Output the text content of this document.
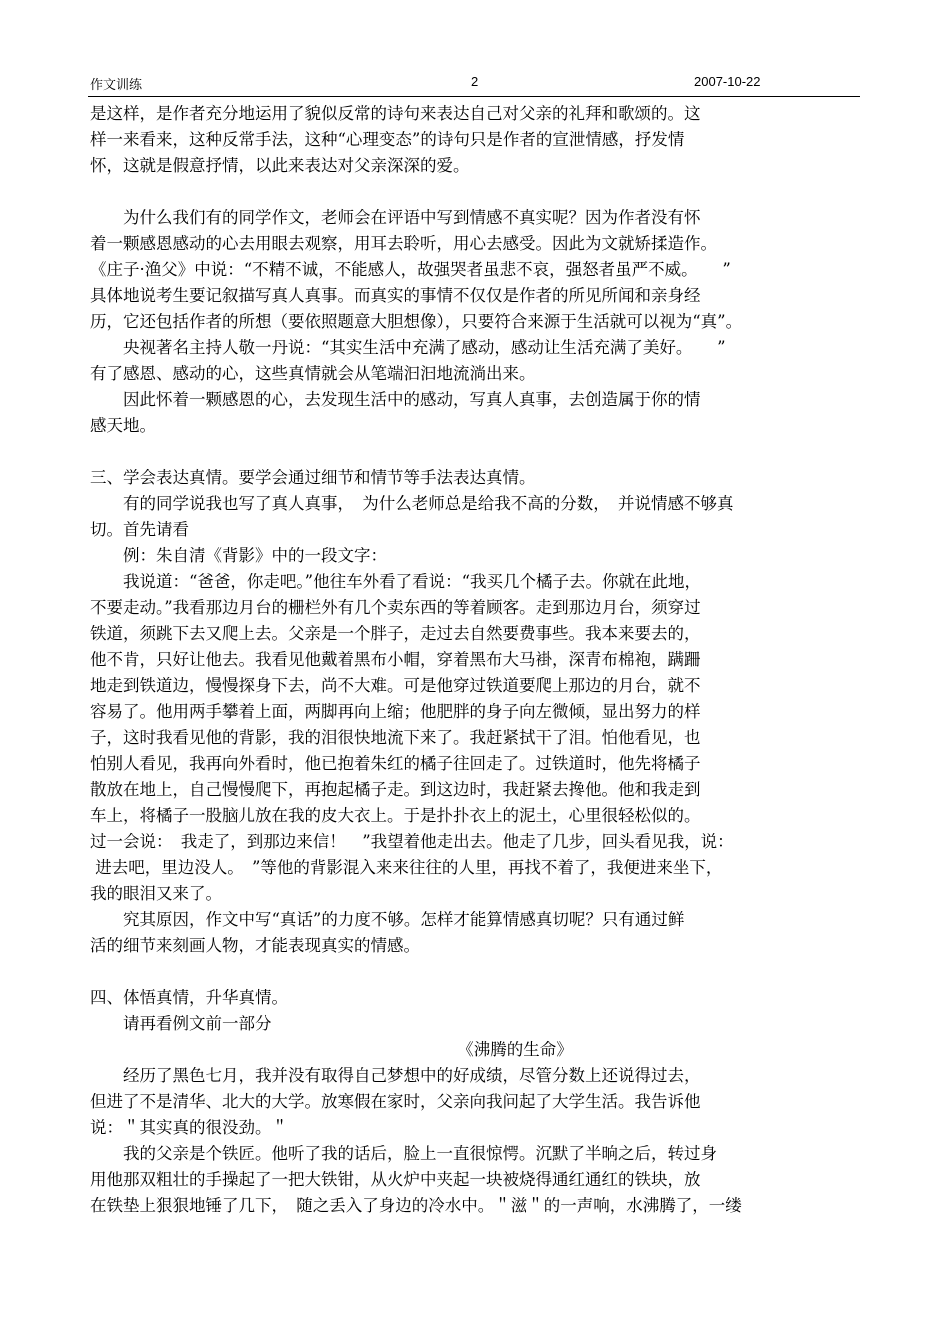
作文训练	2	2007-10-22
是这样，是作者充分地运用了貌似反常的诗句来表达自己对父亲的礼拜和歌颂的。这
样一来看来，这种反常手法，这种“心理变态”的诗句只是作者的宣泄情感，抒发情
怀，这就是假意抒情，以此来表达对父亲深深的爱。
　　为什么我们有的同学作文，老师会在评语中写到情感不真实呢？因为作者没有怀
着一颗感恩感动的心去用眼去观察，用耳去聆听，用心去感受。因此为文就矫揉造作。
《庄子·渔父》中说：“不精不诚，不能感人，故强哭者虽悲不哀，强怒者虽严不威。　　”
具体地说考生要记叙描写真人真事。而真实的事情不仅仅是作者的所见所闻和亲身经
历，它还包括作者的所想（要依照题意大胆想像），只要符合来源于生活就可以视为“真”。
　　央视著名主持人敬一丹说：“其实生活中充满了感动，感动让生活充满了美好。　　”
有了感恩、感动的心，这些真情就会从笔端汩汩地流淌出来。
　　因此怀着一颗感恩的心，去发现生活中的感动，写真人真事，去创造属于你的情
感天地。
三、学会表达真情。要学会通过细节和情节等手法表达真情。
　　有的同学说我也写了真人真事，　为什么老师总是给我不高的分数，　并说情感不够真
切。首先请看
　　例：朱自清《背影》中的一段文字：
　　我说道：“爸爸，你走吧。”他往车外看了看说：“我买几个橘子去。你就在此地，
不要走动。”我看那边月台的栅栏外有几个卖东西的等着顾客。走到那边月台，须穿过
铁道，须跳下去又爬上去。父亲是一个胖子，走过去自然要费事些。我本来要去的，
他不肯，只好让他去。我看见他戴着黑布小帽，穿着黑布大马褂，深青布棉袍，蹒跚
地走到铁道边，慢慢探身下去，尚不大难。可是他穿过铁道要爬上那边的月台，就不
容易了。他用两手攀着上面，两脚再向上缩；他肥胖的身子向左微倾，显出努力的样
子，这时我看见他的背影，我的泪很快地流下来了。我赶紧拭干了泪。怕他看见，也
怕别人看见，我再向外看时，他已抱着朱红的橘子往回走了。过铁道时，他先将橘子
散放在地上，自己慢慢爬下，再抱起橘子走。到这边时，我赶紧去搀他。他和我走到
车上，将橘子一股脑儿放在我的皮大衣上。于是扑扑衣上的泥土，心里很轻松似的。
过一会说：　我走了，到那边来信！　”我望着他走出去。他走了几步，回头看见我，说：
进去吧，里边没人。　”等他的背影混入来来往往的人里，再找不着了，我便进来坐下，
我的眼泪又来了。
　　究其原因，作文中写“真话”的力度不够。怎样才能算情感真切呢？只有通过鲜
活的细节来刻画人物，才能表现真实的情感。
四、体悟真情，升华真情。
　　请再看例文前一部分
《沸腾的生命》
　　经历了黑色七月，我并没有取得自己梦想中的好成绩，尽管分数上还说得过去，
但进了不是清华、北大的大学。放寒假在家时，父亲向我问起了大学生活。我告诉他
说：＂其实真的很没劲。＂
　　我的父亲是个铁匠。他听了我的话后，脸上一直很惊愕。沉默了半晌之后，转过身
用他那双粗壮的手操起了一把大铁钳，从火炉中夹起一块被烧得通红通红的铁块，放
在铁垫上狠狠地锤了几下，　随之丢入了身边的冷水中。＂滋＂的一声响，水沸腾了，一缕
